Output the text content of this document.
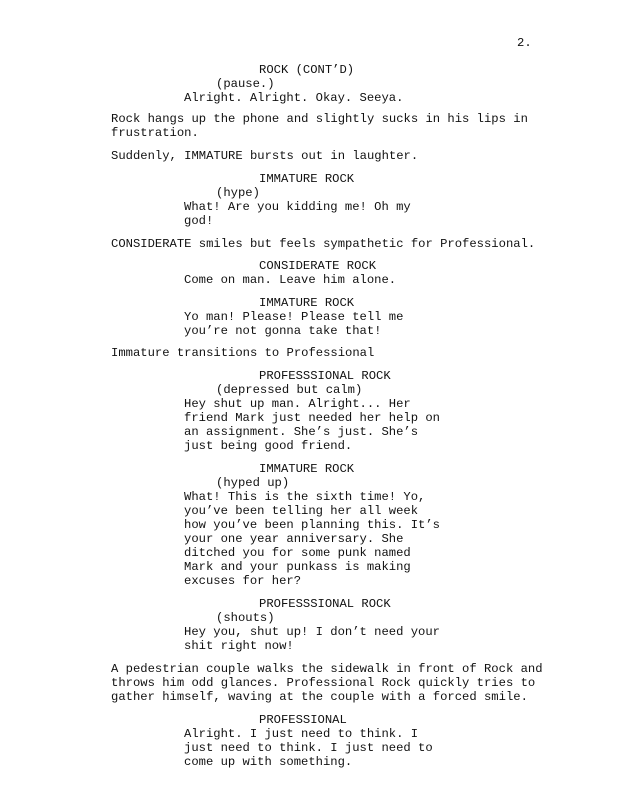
2.
ROCK (CONT’D)
(pause.)
Alright. Alright. Okay. Seeya.
Rock hangs up the phone and slightly sucks in his lips in
frustration.
Suddenly, IMMATURE bursts out in laughter.
IMMATURE ROCK
(hype)
What! Are you kidding me! Oh my
god!
CONSIDERATE smiles but feels sympathetic for Professional.
CONSIDERATE ROCK
Come on man. Leave him alone.
IMMATURE ROCK
Yo man! Please! Please tell me
you’re not gonna take that!
Immature transitions to Professional
PROFESSSIONAL ROCK
(depressed but calm)
Hey shut up man. Alright... Her
friend Mark just needed her help on
an assignment. She’s just. She’s
just being good friend.
IMMATURE ROCK
(hyped up)
What! This is the sixth time! Yo,
you’ve been telling her all week
how you’ve been planning this. It’s
your one year anniversary. She
ditched you for some punk named
Mark and your punkass is making
excuses for her?
PROFESSSIONAL ROCK
(shouts)
Hey you, shut up! I don’t need your
shit right now!
A pedestrian couple walks the sidewalk in front of Rock and
throws him odd glances. Professional Rock quickly tries to
gather himself, waving at the couple with a forced smile.
PROFESSIONAL
Alright. I just need to think. I
just need to think. I just need to
come up with something.
